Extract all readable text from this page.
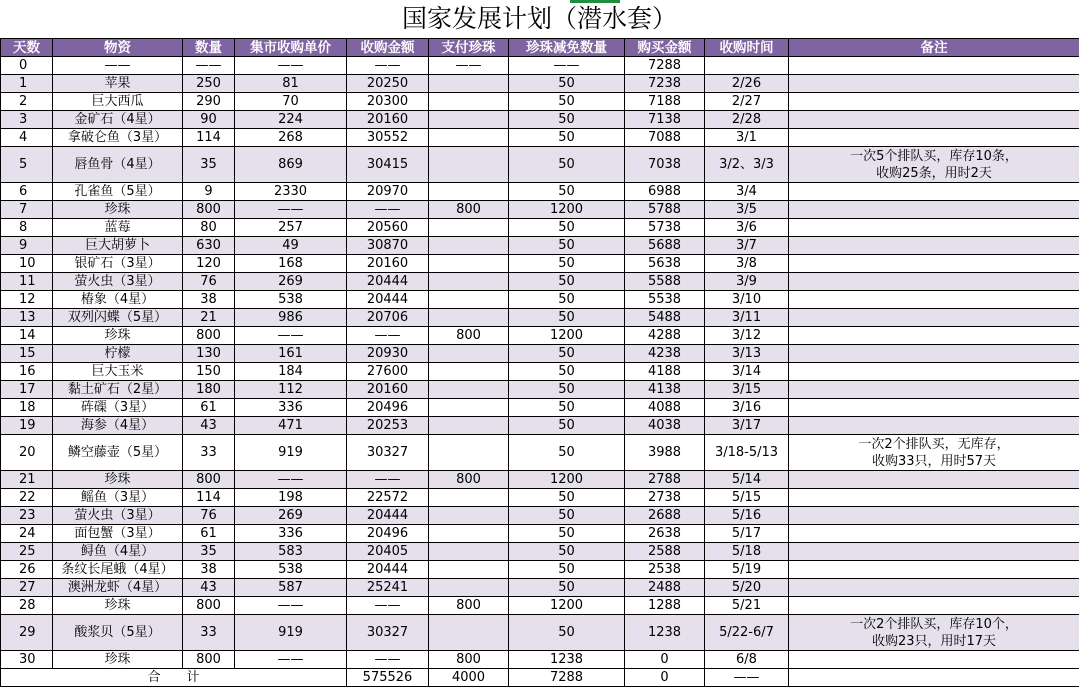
国家发展计划（潜水套）
天数	物资	数量	集市收购单价	收购金额	支付珍珠	珍珠减免数量	购买金额	收购时间	备注
0	——	——	——	——	——	——	7288		
1	苹果	250	81	20250		50	7238	2/26	
2	巨大西瓜	290	70	20300		50	7188	2/27	
3	金矿石（4星）	90	224	20160		50	7138	2/28	
4	拿破仑鱼（3星）	114	268	30552		50	7088	3/1	
5	唇鱼骨（4星）	35	869	30415		50	7038	3/2、3/3	一次5个排队买，库存10条，
收购25条，用时2天
6	孔雀鱼（5星）	9	2330	20970		50	6988	3/4	
7	珍珠	800	——	——	800	1200	5788	3/5	
8	蓝莓	80	257	20560		50	5738	3/6	
9	巨大胡萝卜	630	49	30870		50	5688	3/7	
10	银矿石（3星）	120	168	20160		50	5638	3/8	
11	萤火虫（3星）	76	269	20444		50	5588	3/9	
12	椿象（4星）	38	538	20444		50	5538	3/10	
13	双列闪蝶（5星）	21	986	20706		50	5488	3/11	
14	珍珠	800	——	——	800	1200	4288	3/12	
15	柠檬	130	161	20930		50	4238	3/13	
16	巨大玉米	150	184	27600		50	4188	3/14	
17	黏土矿石（2星）	180	112	20160		50	4138	3/15	
18	砗磲（3星）	61	336	20496		50	4088	3/16	
19	海参（4星）	43	471	20253		50	4038	3/17	
20	鳞空藤壶（5星）	33	919	30327		50	3988	3/18-5/13	一次2个排队买，无库存，
收购33只，用时57天
21	珍珠	800	——	——	800	1200	2788	5/14	
22	鳐鱼（3星）	114	198	22572		50	2738	5/15	
23	萤火虫（3星）	76	269	20444		50	2688	5/16	
24	面包蟹（3星）	61	336	20496		50	2638	5/17	
25	鲟鱼（4星）	35	583	20405		50	2588	5/18	
26	条纹长尾蛾（4星）	38	538	20444		50	2538	5/19	
27	澳洲龙虾（4星）	43	587	25241		50	2488	5/20	
28	珍珠	800	——	——	800	1200	1288	5/21	
29	酸浆贝（5星）	33	919	30327		50	1238	5/22-6/7	一次2个排队买，库存10个，
收购23只，用时17天
30	珍珠	800	——	——	800	1238	0	6/8	
合　　计				575526	4000	7288	0	——	
